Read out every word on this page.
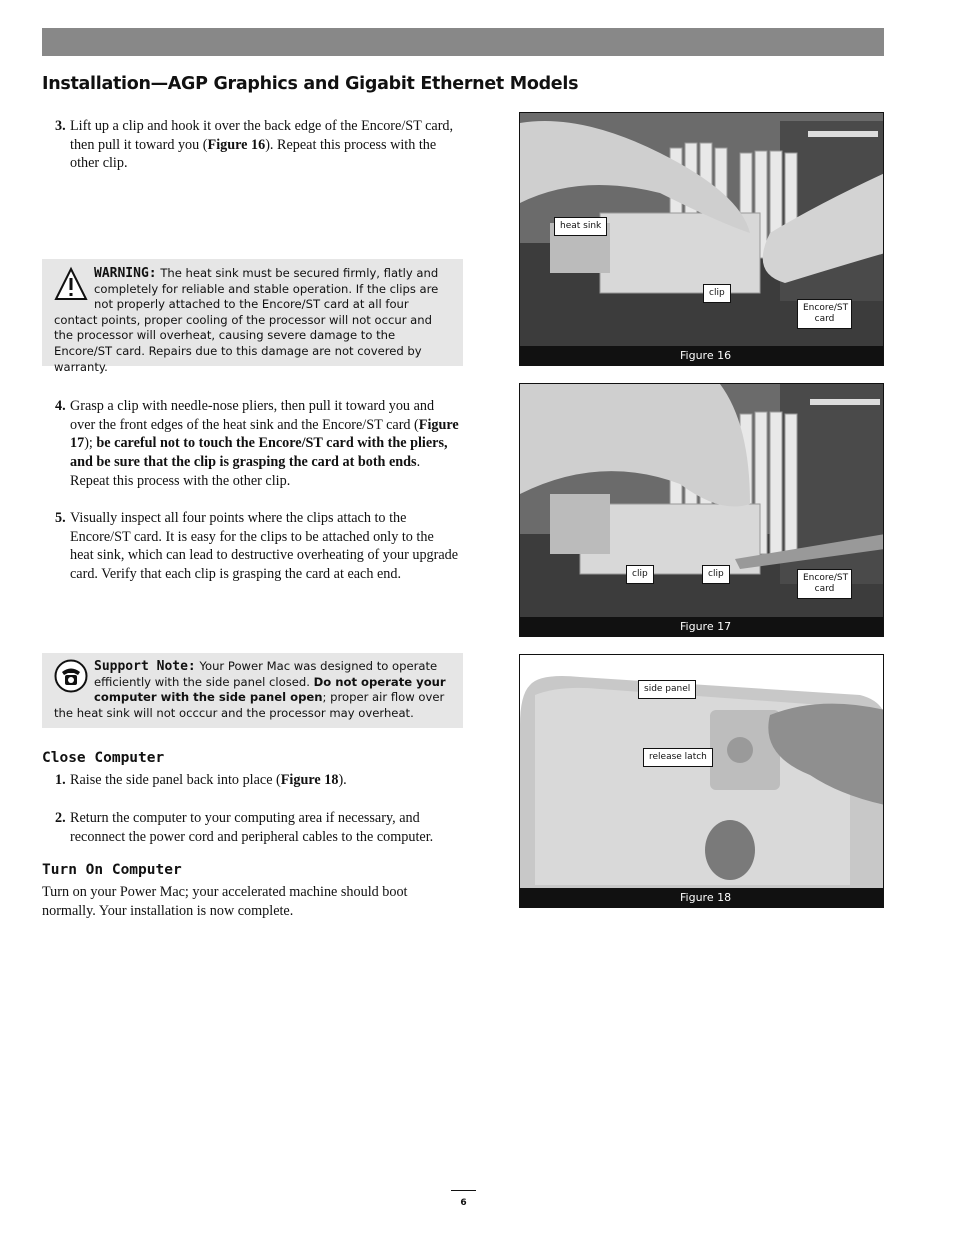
Installation—AGP Graphics and Gigabit Ethernet Models
3. Lift up a clip and hook it over the back edge of the Encore/ST card, then pull it toward you (Figure 16). Repeat this process with the other clip.
WARNING: The heat sink must be secured firmly, flatly and completely for reliable and stable operation. If the clips are not properly attached to the Encore/ST card at all four contact points, proper cooling of the processor will not occur and the processor will overheat, causing severe damage to the Encore/ST card. Repairs due to this damage are not covered by warranty.
4. Grasp a clip with needle-nose pliers, then pull it toward you and over the front edges of the heat sink and the Encore/ST card (Figure 17); be careful not to touch the Encore/ST card with the pliers, and be sure that the clip is grasping the card at both ends. Repeat this process with the other clip.
5. Visually inspect all four points where the clips attach to the Encore/ST card. It is easy for the clips to be attached only to the heat sink, which can lead to destructive overheating of your upgrade card. Verify that each clip is grasping the card at each end.
Support Note: Your Power Mac was designed to operate efficiently with the side panel closed. Do not operate your computer with the side panel open; proper air flow over the heat sink will not occcur and the processor may overheat.
Close Computer
1. Raise the side panel back into place (Figure 18).
2. Return the computer to your computing area if necessary, and reconnect the power cord and peripheral cables to the computer.
Turn On Computer
Turn on your Power Mac; your accelerated machine should boot normally. Your installation is now complete.
heat sink
clip
Encore/ST card
Figure 16
clip	clip	Encore/ST card
Figure 17
side panel
release latch
Figure 18
6
